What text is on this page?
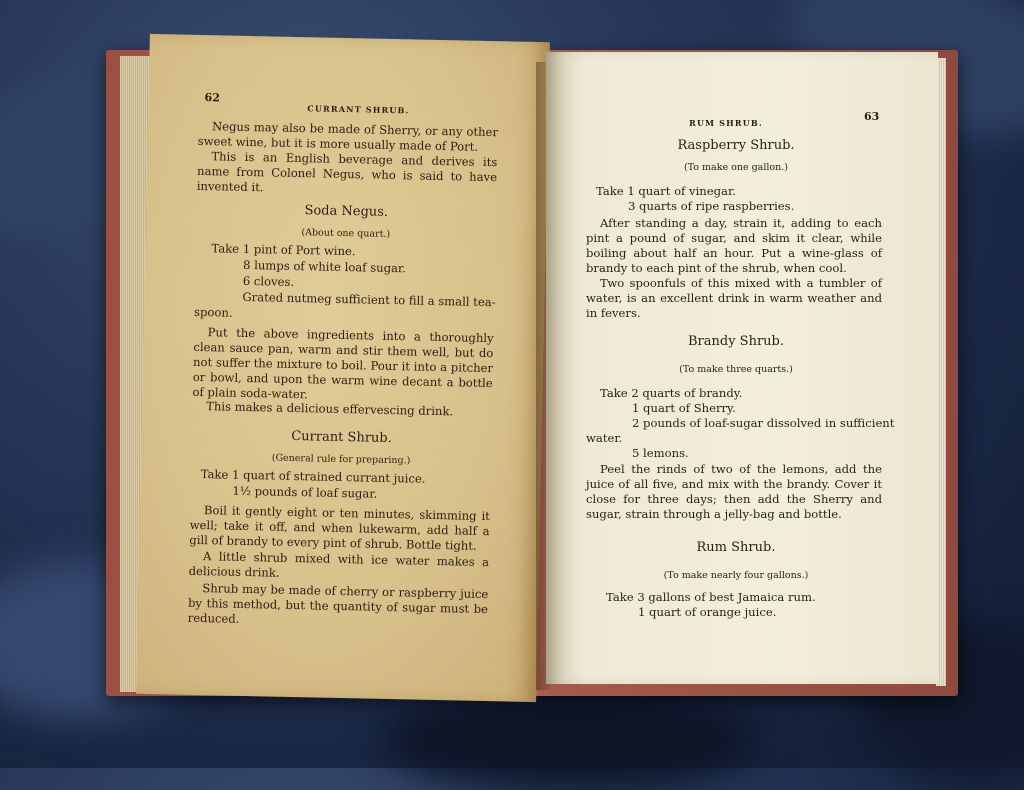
62
CURRANT SHRUB.
Negus may also be made of Sherry, or any other sweet wine, but it is more usually made of Port.
This is an English beverage and derives its name from Colonel Negus, who is said to have invented it.
Soda Negus.
(About one quart.)
Take 1 pint of Port wine.
8 lumps of white loaf sugar.
6 cloves.
Grated nutmeg sufficient to fill a small tea-
spoon.
Put the above ingredients into a thoroughly clean sauce pan, warm and stir them well, but do not suffer the mixture to boil. Pour it into a pitcher or bowl, and upon the warm wine decant a bottle of plain soda-water.
This makes a delicious effervescing drink.
Currant Shrub.
(General rule for preparing.)
Take 1 quart of strained currant juice.
1½ pounds of loaf sugar.
Boil it gently eight or ten minutes, skimming it well; take it off, and when lukewarm, add half a gill of brandy to every pint of shrub. Bottle tight.
A little shrub mixed with ice water makes a delicious drink.
Shrub may be made of cherry or raspberry juice by this method, but the quantity of sugar must be reduced.
RUM SHRUB.	63
Raspberry Shrub.
(To make one gallon.)
Take 1 quart of vinegar.
3 quarts of ripe raspberries.
After standing a day, strain it, adding to each pint a pound of sugar, and skim it clear, while boiling about half an hour. Put a wine-glass of brandy to each pint of the shrub, when cool.
Two spoonfuls of this mixed with a tumbler of water, is an excellent drink in warm weather and in fevers.
Brandy Shrub.
(To make three quarts.)
Take 2 quarts of brandy.
1 quart of Sherry.
2 pounds of loaf-sugar dissolved in sufficient
water.
5 lemons.
Peel the rinds of two of the lemons, add the juice of all five, and mix with the brandy. Cover it close for three days; then add the Sherry and sugar, strain through a jelly-bag and bottle.
Rum Shrub.
(To make nearly four gallons.)
Take 3 gallons of best Jamaica rum.
1 quart of orange juice.
